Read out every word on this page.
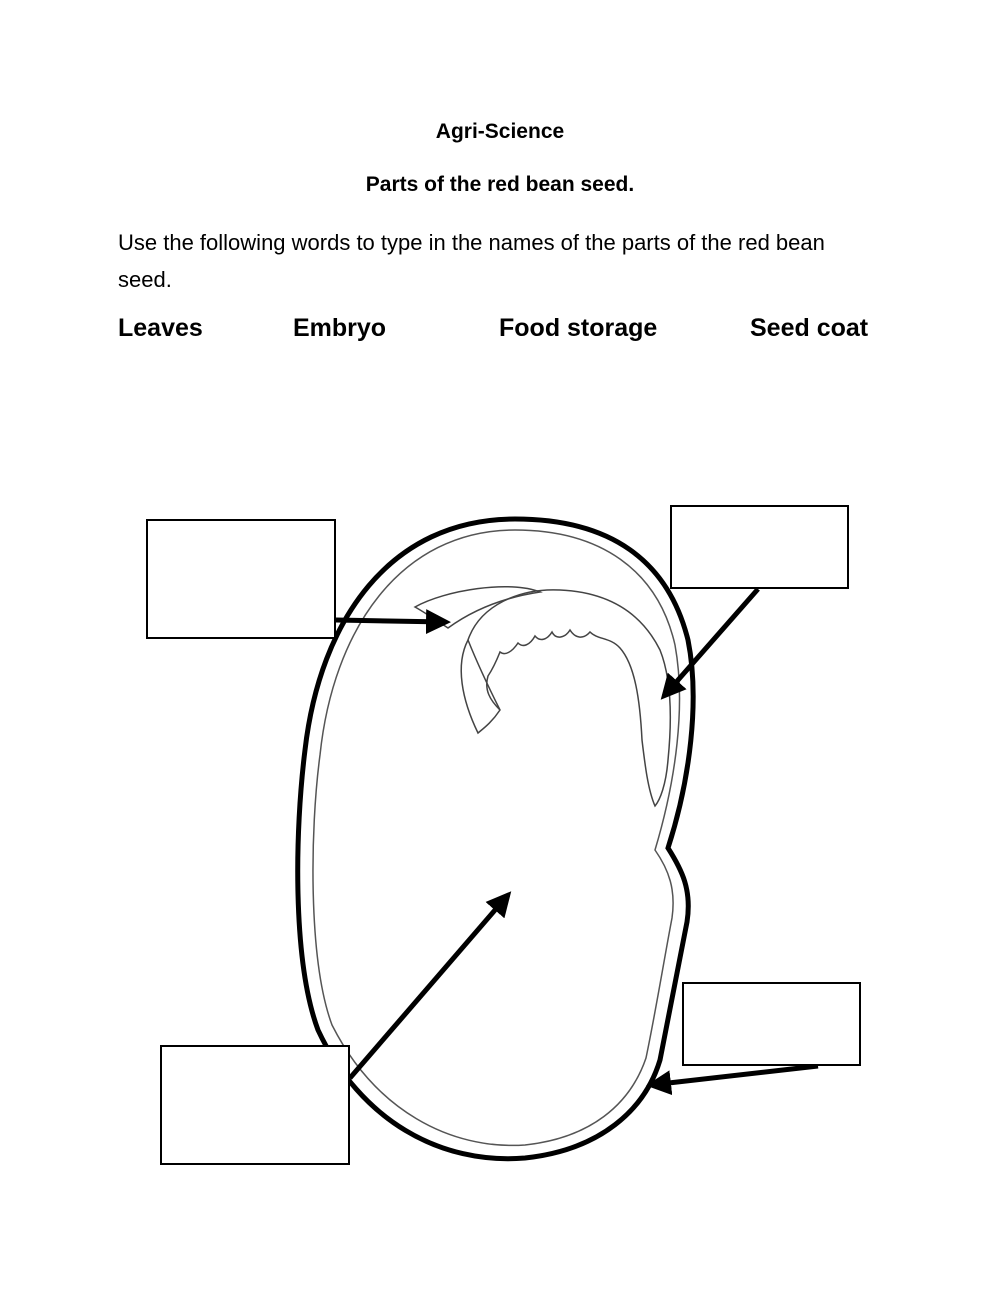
Agri-Science
Parts of the red bean seed.
Use the following words to type in the names of the parts of the red bean seed.
Leaves	Embryo	Food storage	Seed coat
